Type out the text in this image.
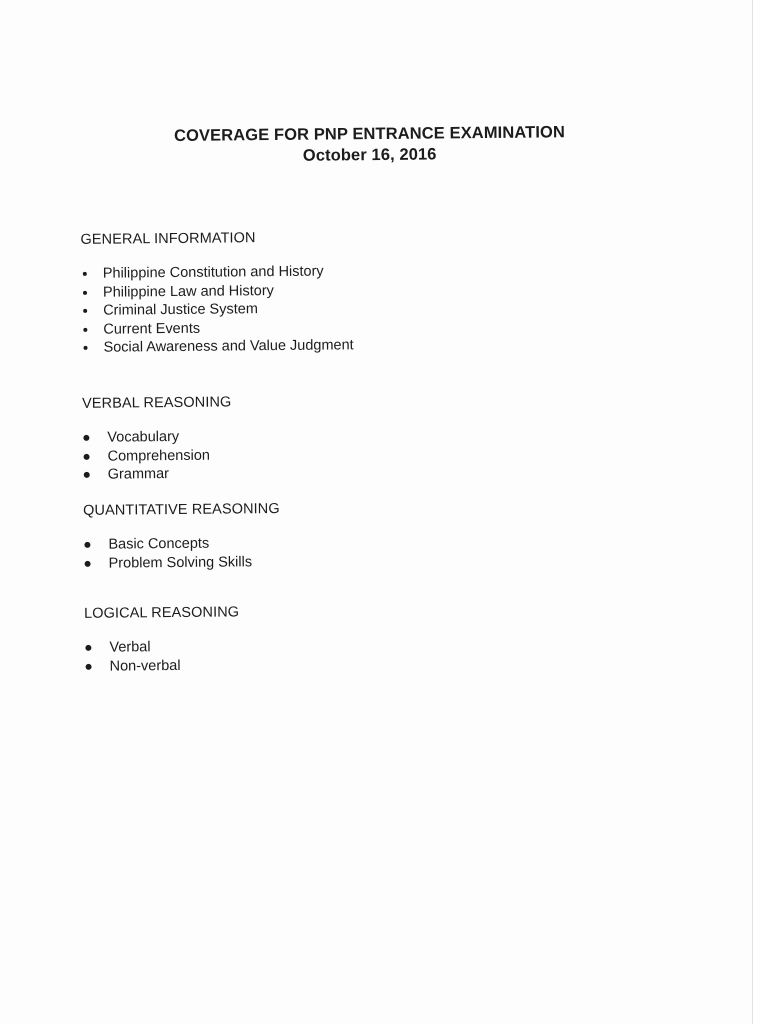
COVERAGE FOR PNP ENTRANCE EXAMINATION
October 16, 2016
GENERAL INFORMATION
Philippine Constitution and History
Philippine Law and History
Criminal Justice System
Current Events
Social Awareness and Value Judgment
VERBAL REASONING
Vocabulary
Comprehension
Grammar
QUANTITATIVE REASONING
Basic Concepts
Problem Solving Skills
LOGICAL REASONING
Verbal
Non-verbal
